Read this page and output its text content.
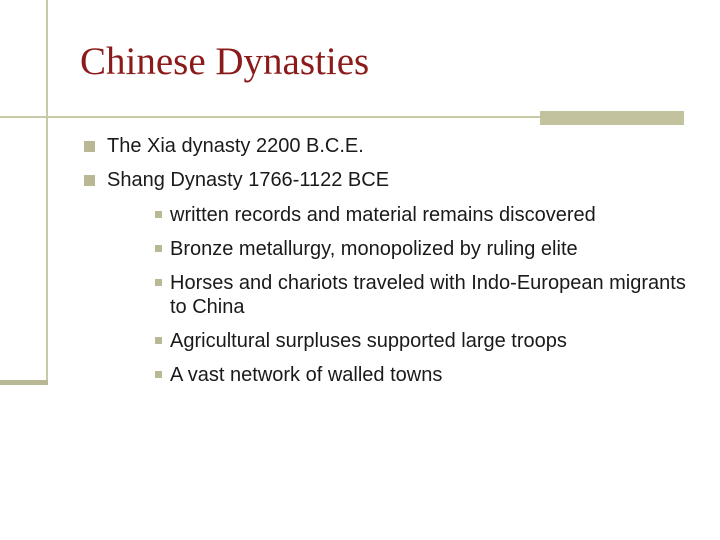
Chinese Dynasties
The Xia dynasty 2200 B.C.E.
Shang Dynasty 1766-1122 BCE
written records and material remains discovered
Bronze metallurgy, monopolized by ruling elite
Horses and chariots traveled with Indo-European migrants to China
Agricultural surpluses supported large troops
A vast network of walled towns
